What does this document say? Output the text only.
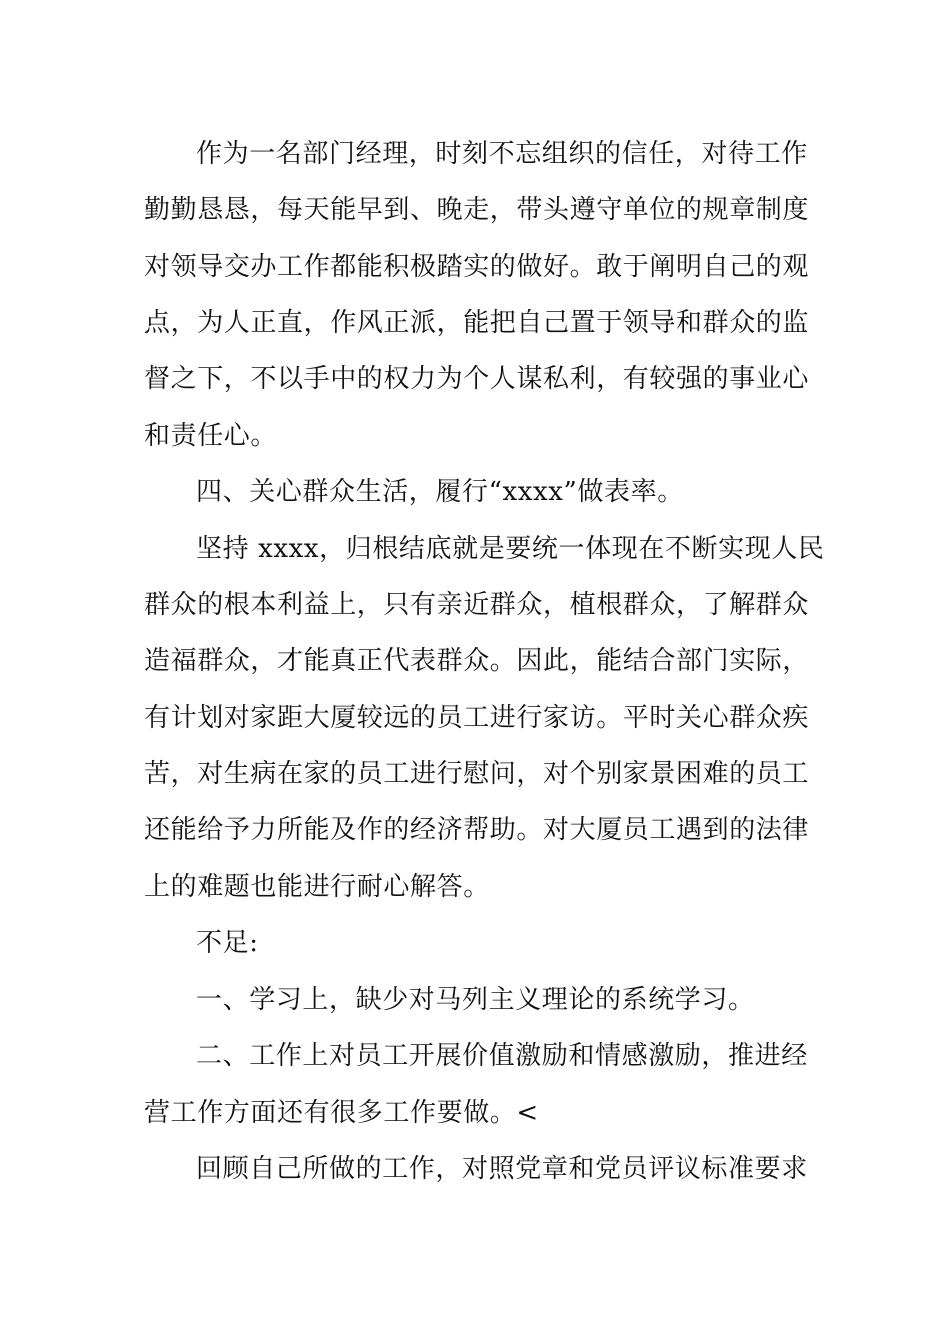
作为一名部门经理，时刻不忘组织的信任，对待工作
勤勤恳恳，每天能早到、晚走，带头遵守单位的规章制度
对领导交办工作都能积极踏实的做好。敢于阐明自己的观
点，为人正直，作风正派，能把自己置于领导和群众的监
督之下，不以手中的权力为个人谋私利，有较强的事业心
和责任心。
四、关心群众生活，履行“xxxx”做表率。
坚持 xxxx，归根结底就是要统一体现在不断实现人民
群众的根本利益上，只有亲近群众，植根群众，了解群众
造福群众，才能真正代表群众。因此，能结合部门实际，
有计划对家距大厦较远的员工进行家访。平时关心群众疾
苦，对生病在家的员工进行慰问，对个别家景困难的员工
还能给予力所能及作的经济帮助。对大厦员工遇到的法律
上的难题也能进行耐心解答。
不足:
一、学习上，缺少对马列主义理论的系统学习。
二、工作上对员工开展价值激励和情感激励，推进经
营工作方面还有很多工作要做。<
回顾自己所做的工作，对照党章和党员评议标准要求
